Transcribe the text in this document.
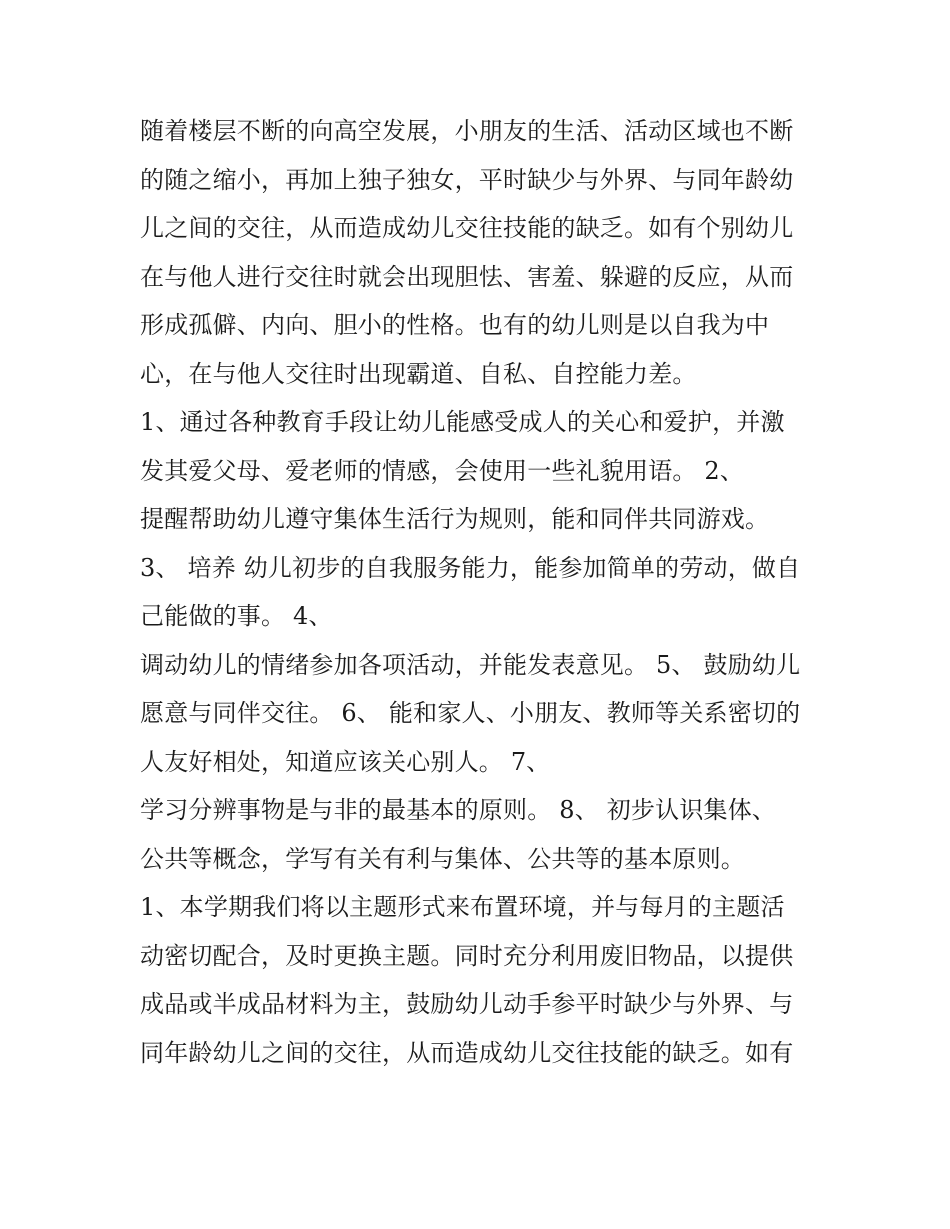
随着楼层不断的向高空发展，小朋友的生活、活动区域也不断
的随之缩小，再加上独子独女，平时缺少与外界、与同年龄幼
儿之间的交往，从而造成幼儿交往技能的缺乏。如有个别幼儿
在与他人进行交往时就会出现胆怯、害羞、躲避的反应，从而
形成孤僻、内向、胆小的性格。也有的幼儿则是以自我为中
心，在与他人交往时出现霸道、自私、自控能力差。
1、通过各种教育手段让幼儿能感受成人的关心和爱护，并激
发其爱父母、爱老师的情感，会使用一些礼貌用语。 2、
提醒帮助幼儿遵守集体生活行为规则，能和同伴共同游戏。
3、 培养 幼儿初步的自我服务能力，能参加简单的劳动，做自
己能做的事。 4、
调动幼儿的情绪参加各项活动，并能发表意见。 5、 鼓励幼儿
愿意与同伴交往。 6、 能和家人、小朋友、教师等关系密切的
人友好相处，知道应该关心别人。 7、
学习分辨事物是与非的最基本的原则。 8、 初步认识集体、
公共等概念，学写有关有利与集体、公共等的基本原则。
1、本学期我们将以主题形式来布置环境，并与每月的主题活
动密切配合，及时更换主题。同时充分利用废旧物品，以提供
成品或半成品材料为主，鼓励幼儿动手参平时缺少与外界、与
同年龄幼儿之间的交往，从而造成幼儿交往技能的缺乏。如有
